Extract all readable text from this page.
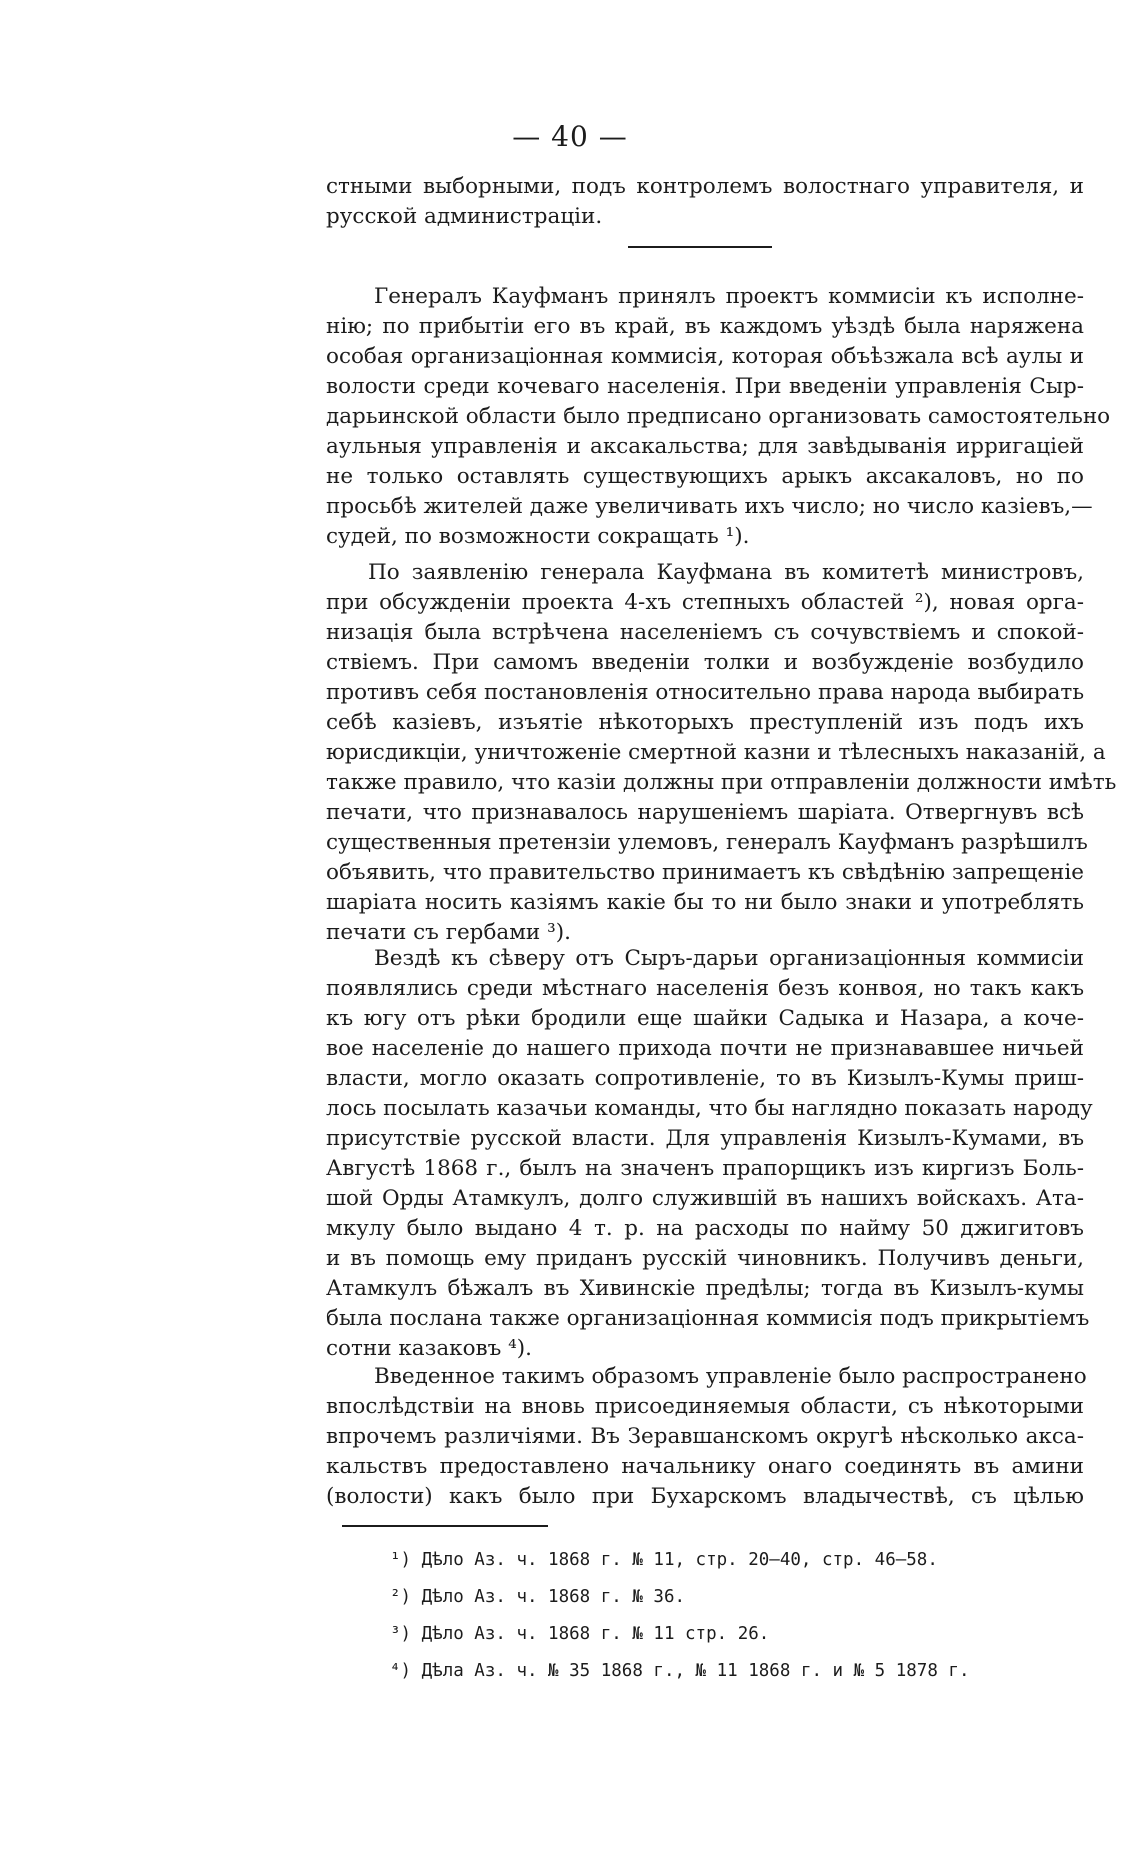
— 40 —
стными выборными, подъ контролемъ волостнаго управителя, и
русской администраціи.
Генералъ Кауфманъ принялъ проектъ коммисіи къ исполне-
нію; по прибытіи его въ край, въ каждомъ уѣздѣ была наряжена
особая организаціонная коммисія, которая объѣзжала всѣ аулы и
волости среди кочеваго населенія. При введеніи управленія Сыр-
дарьинской области было предписано организовать самостоятельно
аульныя управленія и аксакальства; для завѣдыванія ирригаціей
не только оставлять существующихъ арыкъ аксакаловъ, но по
просьбѣ жителей даже увеличивать ихъ число; но число казіевъ,—
судей, по возможности сокращать ¹).
По заявленію генерала Кауфмана въ комитетѣ министровъ,
при обсужденіи проекта 4-хъ степныхъ областей ²), новая орга-
низація была встрѣчена населеніемъ съ сочувствіемъ и спокой-
ствіемъ. При самомъ введеніи толки и возбужденіе возбудило
противъ себя постановленія относительно права народа выбирать
себѣ казіевъ, изъятіе нѣкоторыхъ преступленій изъ подъ ихъ
юрисдикціи, уничтоженіе смертной казни и тѣлесныхъ наказаній, а
также правило, что казіи должны при отправленіи должности имѣть
печати, что признавалось нарушеніемъ шаріата. Отвергнувъ всѣ
существенныя претензіи улемовъ, генералъ Кауфманъ разрѣшилъ
объявить, что правительство принимаетъ къ свѣдѣнію запрещеніе
шаріата носить казіямъ какіе бы то ни было знаки и употреблять
печати съ гербами ³).
Вездѣ къ сѣверу отъ Сыръ-дарьи организаціонныя коммисіи
появлялись среди мѣстнаго населенія безъ конвоя, но такъ какъ
къ югу отъ рѣки бродили еще шайки Садыка и Назара, а коче-
вое населеніе до нашего прихода почти не признававшее ничьей
власти, могло оказать сопротивленіе, то въ Кизылъ-Кумы приш-
лось посылать казачьи команды, что бы наглядно показать народу
присутствіе русской власти. Для управленія Кизылъ-Кумами, въ
Августѣ 1868 г., былъ на значенъ прапорщикъ изъ киргизъ Боль-
шой Орды Атамкулъ, долго служившій въ нашихъ войскахъ. Ата-
мкулу было выдано 4 т. р. на расходы по найму 50 джигитовъ
и въ помощь ему приданъ русскій чиновникъ. Получивъ деньги,
Атамкулъ бѣжалъ въ Хивинскіе предѣлы; тогда въ Кизылъ-кумы
была послана также организаціонная коммисія подъ прикрытіемъ
сотни казаковъ ⁴).
Введенное такимъ образомъ управленіе было распространено
впослѣдствіи на вновь присоединяемыя области, съ нѣкоторыми
впрочемъ различіями. Въ Зеравшанскомъ округѣ нѣсколько акса-
кальствъ предоставлено начальнику онаго соединять въ амини
(волости) какъ было при Бухарскомъ владычествѣ, съ цѣлью
¹) Дѣло Аз. ч. 1868 г. № 11, стр. 20—40, стр. 46—58.
²) Дѣло Аз. ч. 1868 г. № 36.
³) Дѣло Аз. ч. 1868 г. № 11 стр. 26.
⁴) Дѣла Аз. ч. № 35 1868 г., № 11 1868 г. и № 5 1878 г.
